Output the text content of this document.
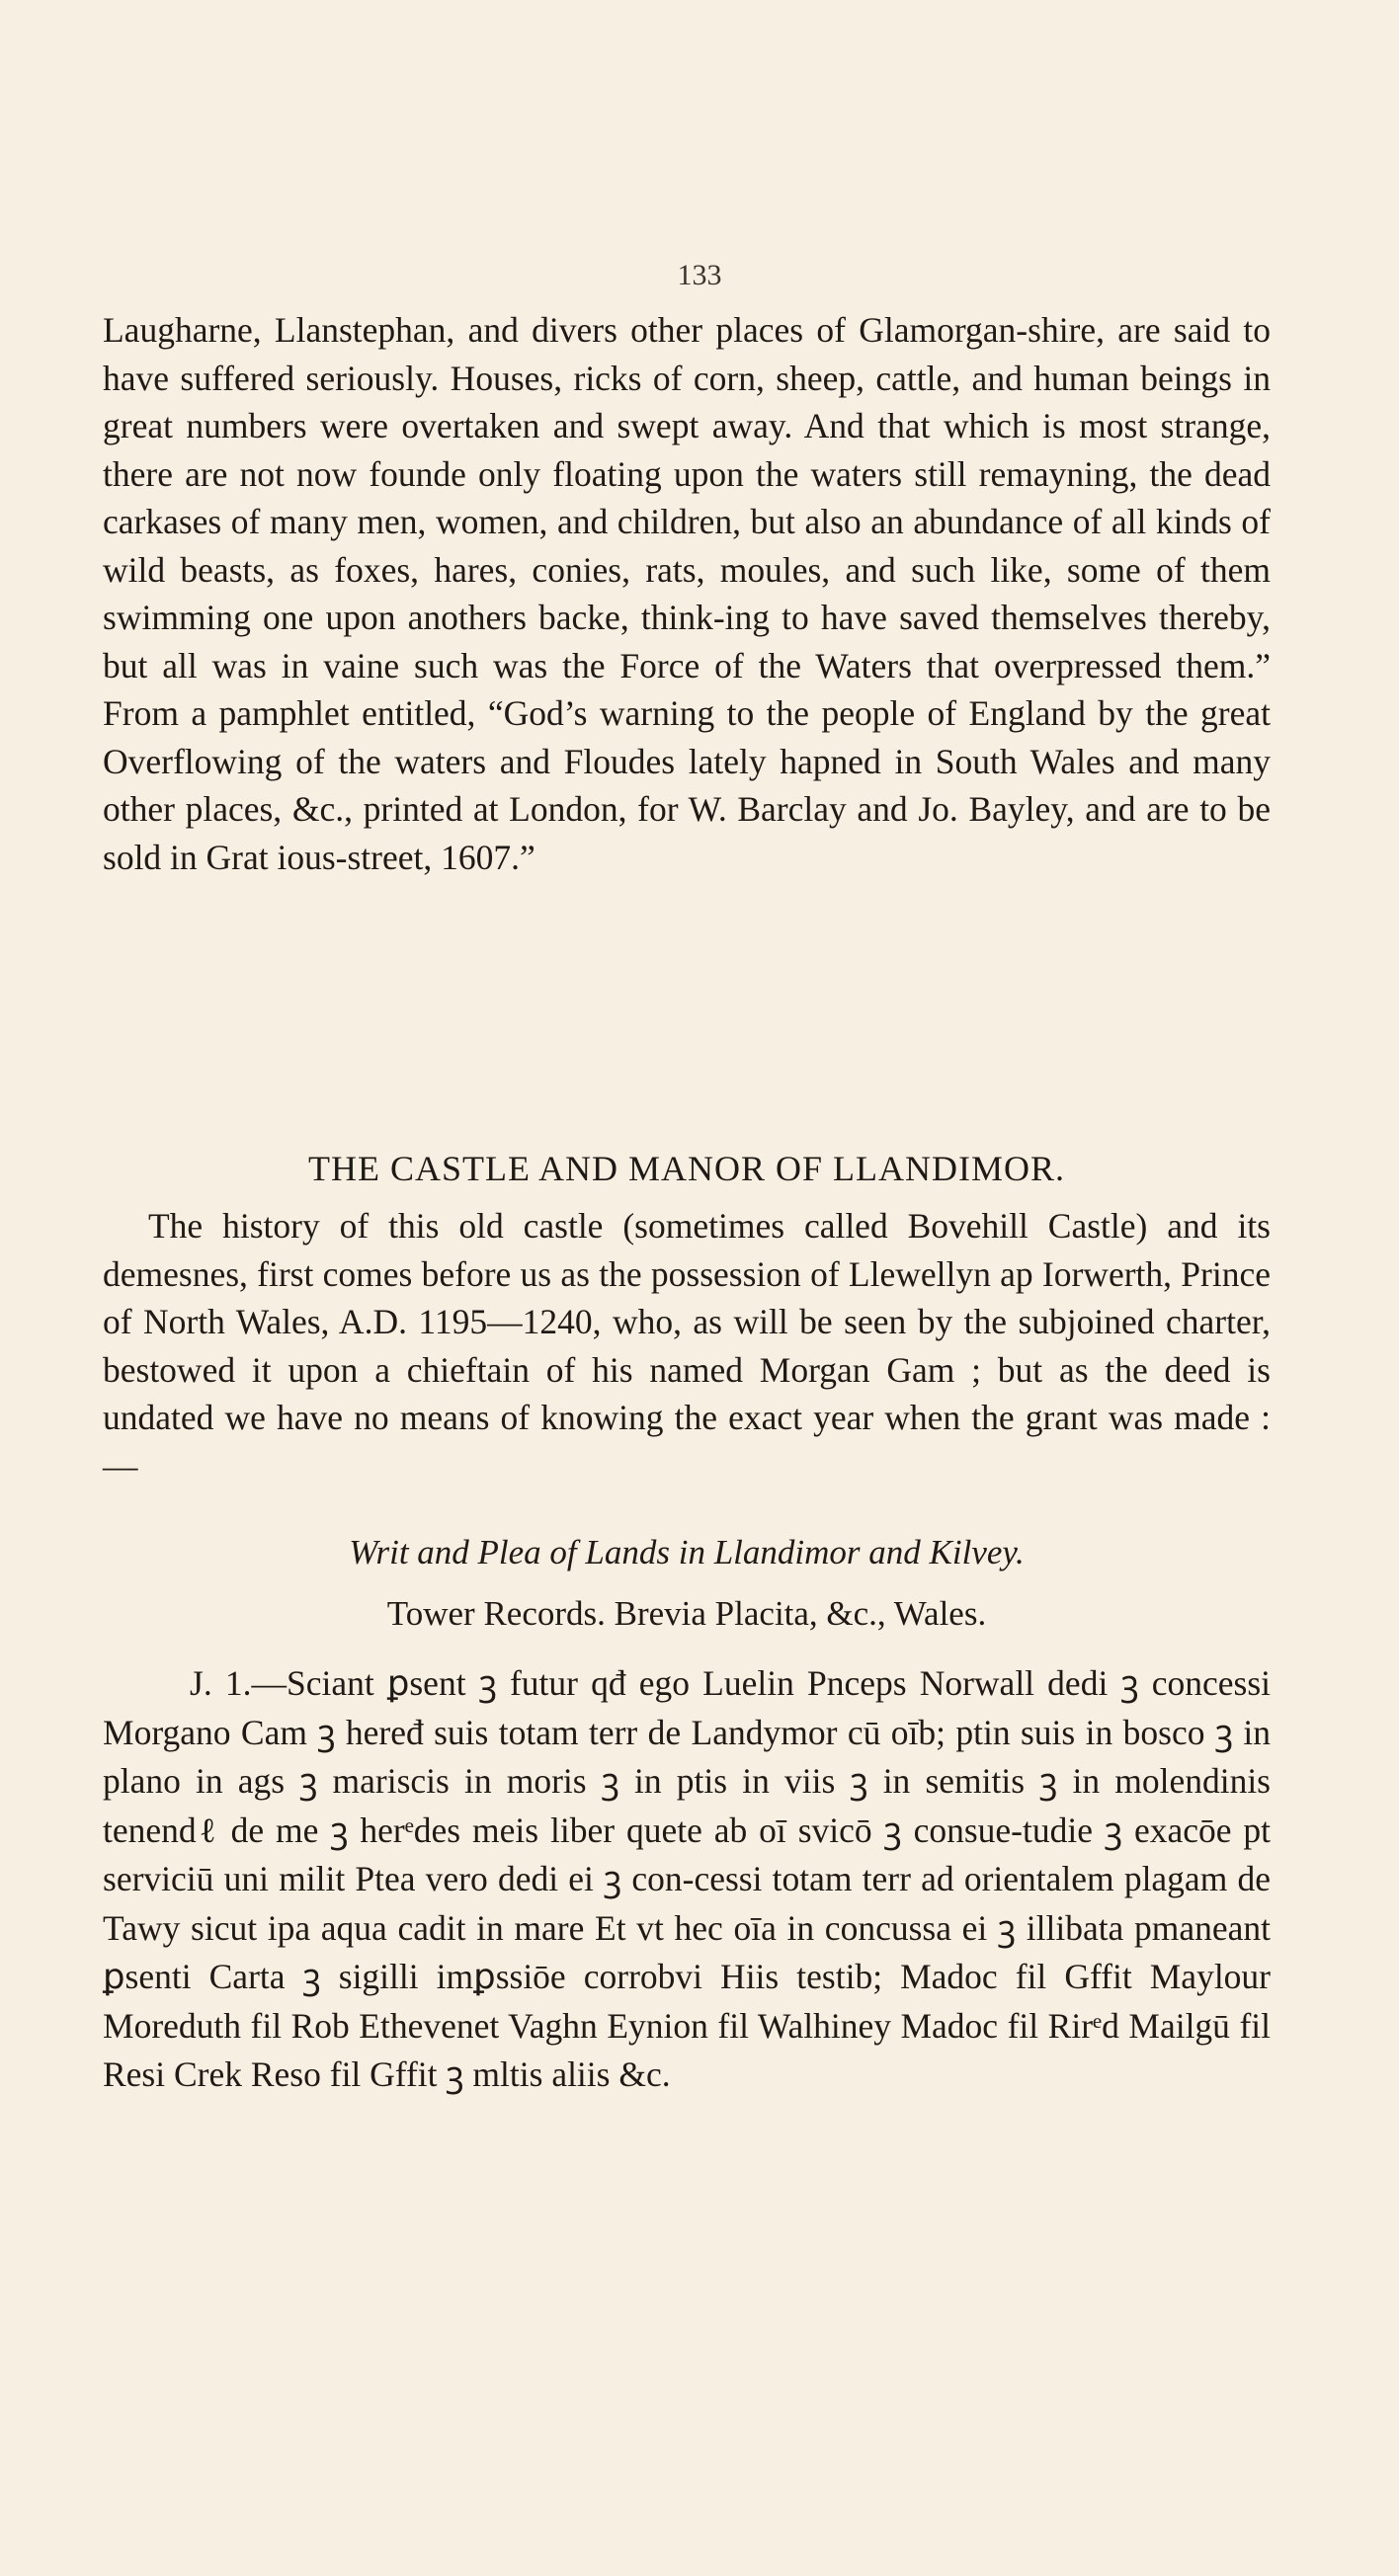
133

Laugharne, Llanstephan, and divers other places of Glamorgan-shire, are said to have suffered seriously. Houses, ricks of corn, sheep, cattle, and human beings in great numbers were overtaken and swept away. And that which is most strange, there are not now founde only floating upon the waters still remayning, the dead carkases of many men, women, and children, but also an abundance of all kinds of wild beasts, as foxes, hares, conies, rats, moules, and such like, some of them swimming one upon anothers backe, think-ing to have saved themselves thereby, but all was in vaine such was the Force of the Waters that overpressed them.” From a pamphlet entitled, “God’s warning to the people of England by the great Overflowing of the waters and Floudes lately hapned in South Wales and many other places, &c., printed at London, for W. Barclay and Jo. Bayley, and are to be sold in Grat ious-street, 1607.”

THE CASTLE AND MANOR OF LLANDIMOR.

The history of this old castle (sometimes called Bovehill Castle) and its demesnes, first comes before us as the possession of Llewellyn ap Iorwerth, Prince of North Wales, A.D. 1195—1240, who, as will be seen by the subjoined charter, bestowed it upon a chieftain of his named Morgan Gam ; but as the deed is undated we have no means of knowing the exact year when the grant was made :—

Writ and Plea of Lands in Llandimor and Kilvey.
Tower Records. Brevia Placita, &c., Wales.

J. 1.—Sciant ꝑsent ꝫ futur qđ ego Luelin Pnceps Norwall dedi ꝫ concessi Morgano Cam ꝫ heređ suis totam terr de Landymor cū oīb; ptin suis in bosco ꝫ in plano in ags ꝫ mariscis in moris ꝫ in ptis in viis ꝫ in semitis ꝫ in molendinis tenendℓ de me ꝫ herᵉdes meis liber quete ab oī svicō ꝫ consue-tudie ꝫ exacōe pt serviciū uni milit Ptea vero dedi ei ꝫ con-cessi totam terr ad orientalem plagam de Tawy sicut ipa aqua cadit in mare Et vt hec oīa in concussa ei ꝫ illibata pmaneant ꝑsenti Carta ꝫ sigilli imꝑssiōe corrobvi Hiis testib; Madoc fil Gffit Maylour Moreduth fil Rob Ethevenet Vaghn Eynion fil Walhiney Madoc fil Rirᵉd Mailgū fil Resi Crek Reso fil Gffit ꝫ mltis aliis &c.
